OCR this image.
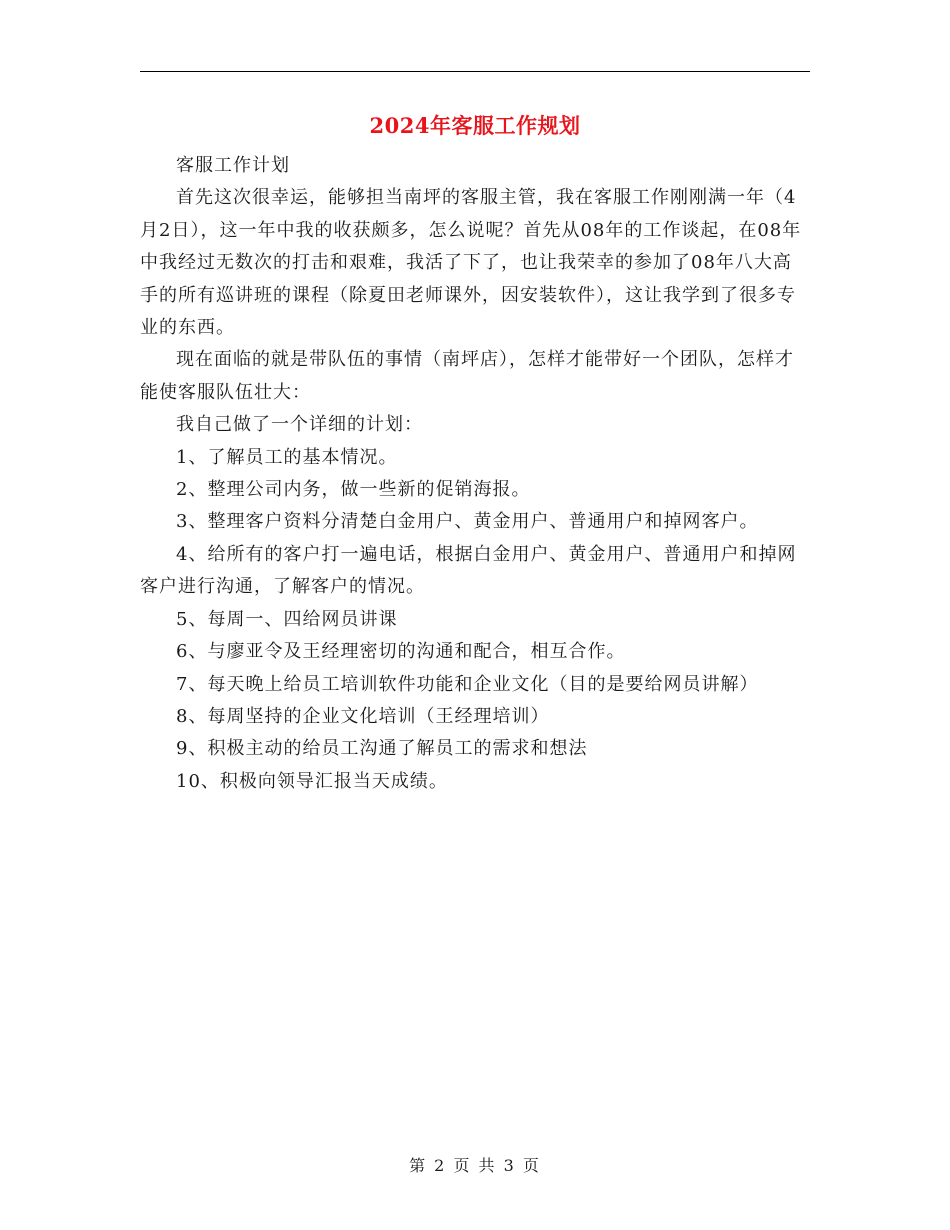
2024年客服工作规划

客服工作计划

首先这次很幸运，能够担当南坪的客服主管，我在客服工作刚刚满一年（4月2日），这一年中我的收获颇多，怎么说呢？首先从08年的工作谈起，在08年中我经过无数次的打击和艰难，我活了下了，也让我荣幸的参加了08年八大高手的所有巡讲班的课程（除夏田老师课外，因安装软件），这让我学到了很多专业的东西。

现在面临的就是带队伍的事情（南坪店），怎样才能带好一个团队，怎样才能使客服队伍壮大：

我自己做了一个详细的计划：

1、了解员工的基本情况。

2、整理公司内务，做一些新的促销海报。

3、整理客户资料分清楚白金用户、黄金用户、普通用户和掉网客户。

4、给所有的客户打一遍电话，根据白金用户、黄金用户、普通用户和掉网客户进行沟通，了解客户的情况。

5、每周一、四给网员讲课

6、与廖亚令及王经理密切的沟通和配合，相互合作。

7、每天晚上给员工培训软件功能和企业文化（目的是要给网员讲解）

8、每周坚持的企业文化培训（王经理培训）

9、积极主动的给员工沟通了解员工的需求和想法

10、积极向领导汇报当天成绩。

第 2 页 共 3 页
